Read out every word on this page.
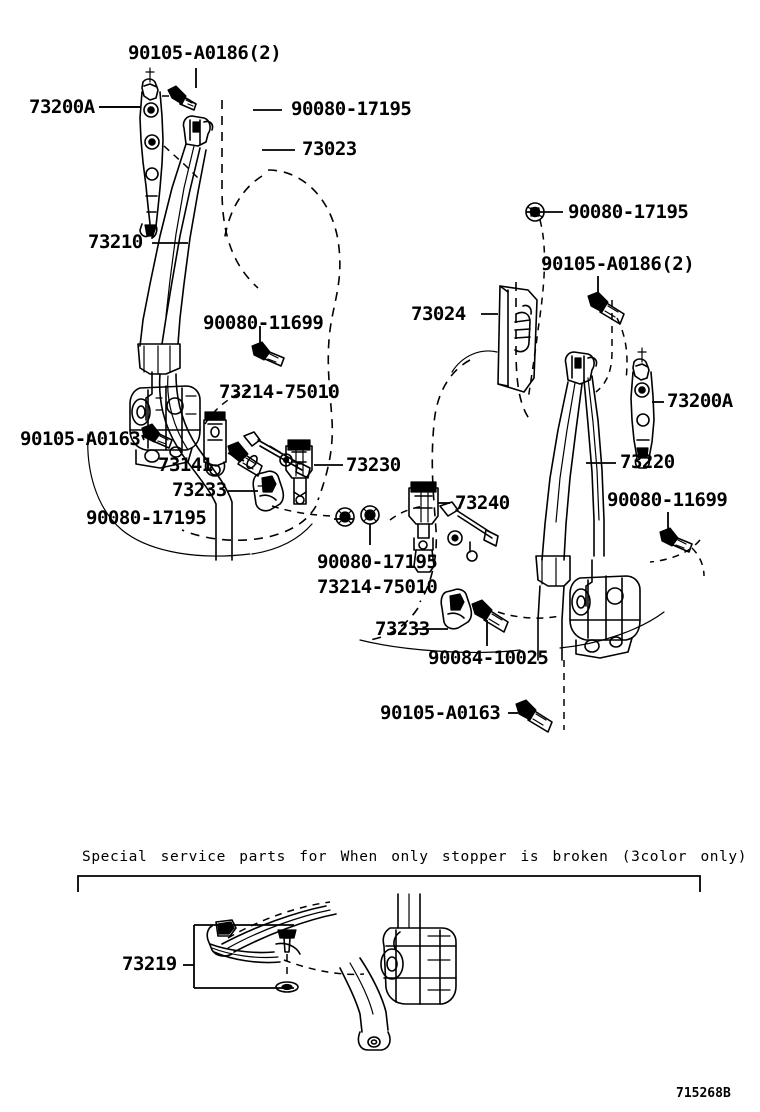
90105-A0186(2)
73200A	90080-17195
73023
73210
90080-11699
73214-75010
90105-A0163
73141
73233
73230
90080-17195
90080-17195
90105-A0186(2)
73024
73200A
73220
73240	90080-11699
90080-17195
73214-75010
73233
90084-10025
90105-A0163
Special service parts for When only stopper is broken (3color only)
73219
715268B
